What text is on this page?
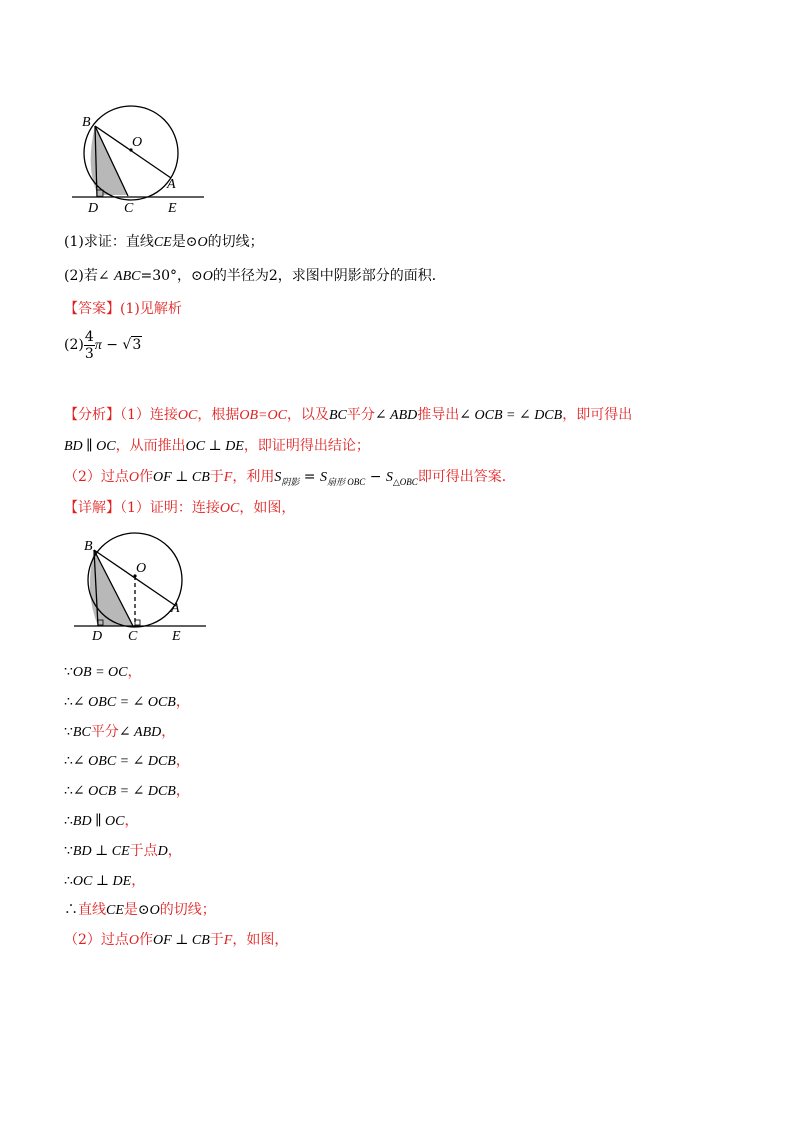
B
O
A
D C E
(1)求证：直线CE是⊙O的切线；
(2)若∠ ABC=30°，⊙O的半径为2，求图中阴影部分的面积．
【答案】(1)见解析
$(2) \frac{4}{3}$ π − √3
【分析】（1）连接OC，根据OB=OC，以及BC平分∠ ABD推导出∠ OCB = ∠ DCB，即可得出
BD ∥ OC，从而推出OC ⊥ DE，即证明得出结论；
（2）过点O作OF ⊥ CB于F，利用$S_{阴影} = S_{扇形 OBC} - S_{\triangle OBC}$即可得出答案．
【详解】（1）证明：连接OC，如图，
B
O
A
D C E
∵OB = OC，
∴∠ OBC = ∠ OCB，
∵BC平分∠ ABD，
∴∠ OBC = ∠ DCB，
∴∠ OCB = ∠ DCB，
∴BD ∥ OC，
∵BD ⊥ CE于点D，
∴OC ⊥ DE，
∴直线CE是⊙O的切线；
（2）过点O作OF ⊥ CB于F，如图，
